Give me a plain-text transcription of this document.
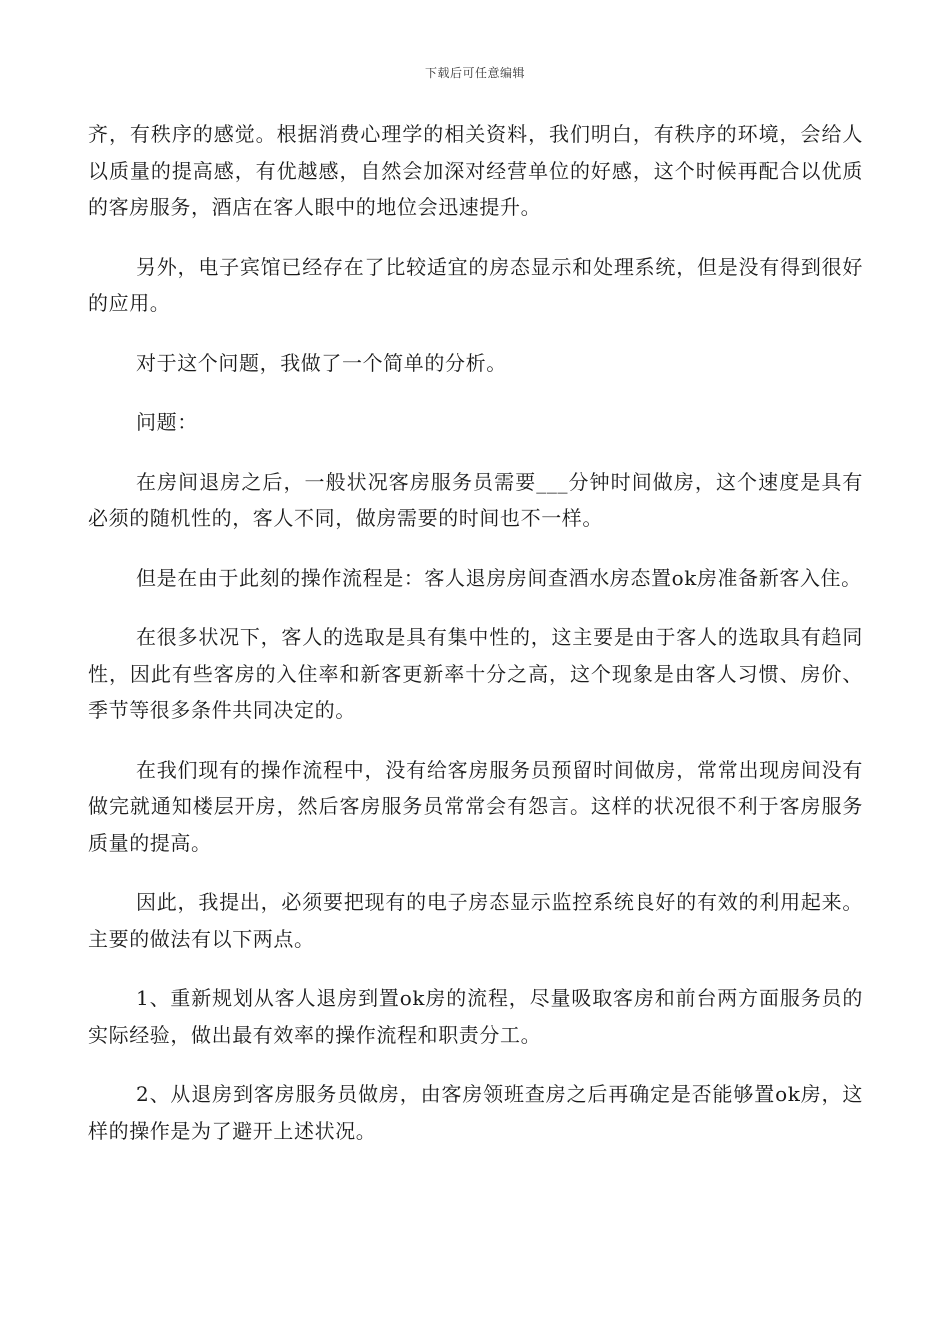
下载后可任意编辑

齐，有秩序的感觉。根据消费心理学的相关资料，我们明白，有秩序的环境，会给人以质量的提高感，有优越感，自然会加深对经营单位的好感，这个时候再配合以优质的客房服务，酒店在客人眼中的地位会迅速提升。

另外，电子宾馆已经存在了比较适宜的房态显示和处理系统，但是没有得到很好的应用。

对于这个问题，我做了一个简单的分析。

问题：

在房间退房之后，一般状况客房服务员需要___分钟时间做房，这个速度是具有必须的随机性的，客人不同，做房需要的时间也不一样。

但是在由于此刻的操作流程是：客人退房房间查酒水房态置ok房准备新客入住。

在很多状况下，客人的选取是具有集中性的，这主要是由于客人的选取具有趋同性，因此有些客房的入住率和新客更新率十分之高，这个现象是由客人习惯、房价、季节等很多条件共同决定的。

在我们现有的操作流程中，没有给客房服务员预留时间做房，常常出现房间没有做完就通知楼层开房，然后客房服务员常常会有怨言。这样的状况很不利于客房服务质量的提高。

因此，我提出，必须要把现有的电子房态显示监控系统良好的有效的利用起来。主要的做法有以下两点。

1、重新规划从客人退房到置ok房的流程，尽量吸取客房和前台两方面服务员的实际经验，做出最有效率的操作流程和职责分工。

2、从退房到客房服务员做房，由客房领班查房之后再确定是否能够置ok房，这样的操作是为了避开上述状况。
